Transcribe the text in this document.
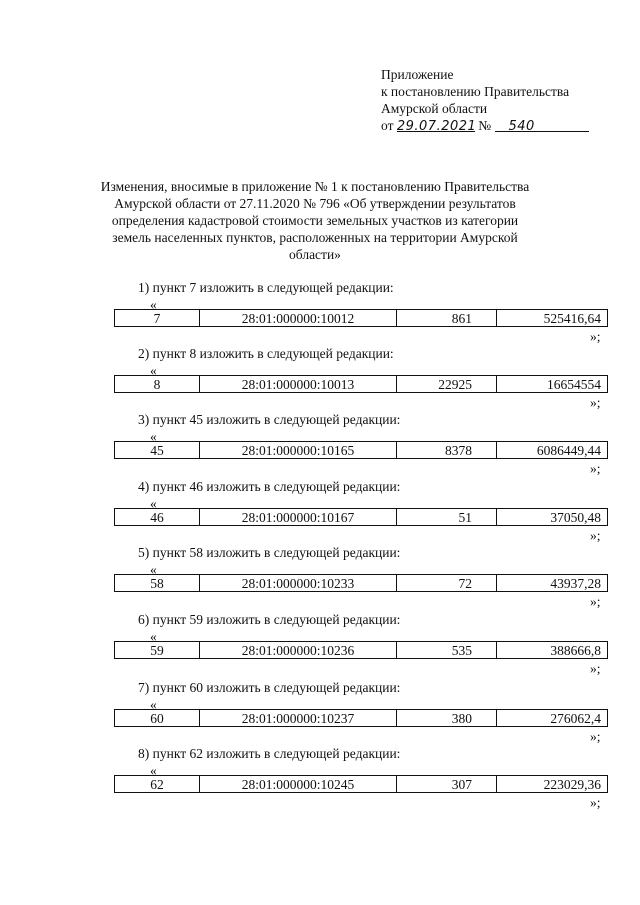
Приложение
к постановлению Правительства
Амурской области
от 29.07.2021 № 540
Изменения, вносимые в приложение № 1 к постановлению Правительства Амурской области от 27.11.2020 № 796 «Об утверждении результатов определения кадастровой стоимости земельных участков из категории земель населенных пунктов, расположенных на территории Амурской области»
1) пункт 7 изложить в следующей редакции:
«
7	28:01:000000:10012	861	525416,64
»;
2) пункт 8 изложить в следующей редакции:
«
8	28:01:000000:10013	22925	16654554
»;
3) пункт 45 изложить в следующей редакции:
«
45	28:01:000000:10165	8378	6086449,44
»;
4) пункт 46 изложить в следующей редакции:
«
46	28:01:000000:10167	51	37050,48
»;
5) пункт 58 изложить в следующей редакции:
«
58	28:01:000000:10233	72	43937,28
»;
6) пункт 59 изложить в следующей редакции:
«
59	28:01:000000:10236	535	388666,8
»;
7) пункт 60 изложить в следующей редакции:
«
60	28:01:000000:10237	380	276062,4
»;
8) пункт 62 изложить в следующей редакции:
«
62	28:01:000000:10245	307	223029,36
»;
